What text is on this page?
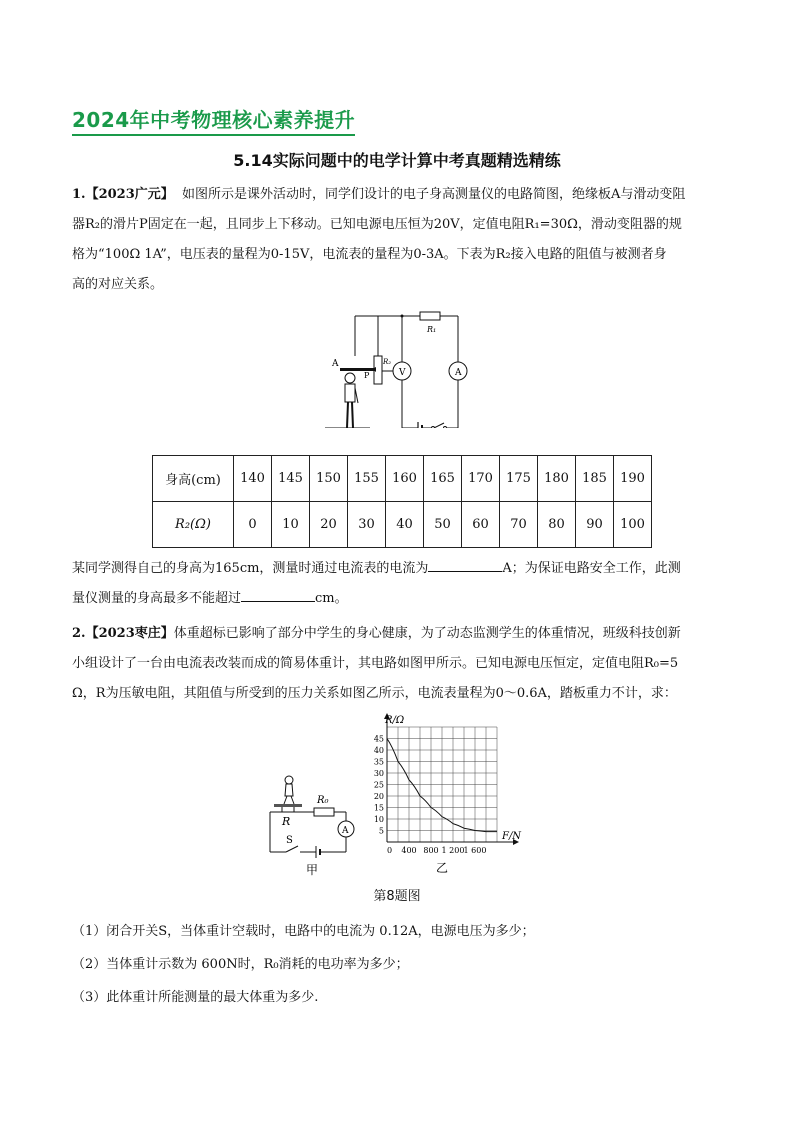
2024年中考物理核心素养提升
5.14实际问题中的电学计算中考真题精选精练
1.【2023广元】 如图所示是课外活动时，同学们设计的电子身高测量仪的电路简图，绝缘板A与滑动变阻
器R₂的滑片P固定在一起，且同步上下移动。已知电源电压恒为20V，定值电阻R₁=30Ω，滑动变阻器的规
格为“100Ω 1A”，电压表的量程为0-15V，电流表的量程为0-3A。下表为R₂接入电路的阻值与被测者身
高的对应关系。
R₁
R₂
V	A
A
P
身高(cm)	140	145	150	155	160	165	170	175	180	185	190
R₂(Ω)	0	10	20	30	40	50	60	70	80	90	100
某同学测得自己的身高为165cm，测量时通过电流表的电流为	A；为保证电路安全工作，此测
量仪测量的身高最多不能超过	cm。
2.【2023枣庄】体重超标已影响了部分中学生的身心健康，为了动态监测学生的体重情况，班级科技创新
小组设计了一台由电流表改装而成的简易体重计，其电路如图甲所示。已知电源电压恒定，定值电阻R₀=5
Ω，R为压敏电阻，其阻值与所受到的压力关系如图乙所示，电流表量程为0～0.6A，踏板重力不计，求：
R₀
A
R
S
甲
R/Ω
F/N
5
10
15
20
25
30
35
40
45
0 400 800 1 200 1 600
乙
第8题图
（1）闭合开关S，当体重计空载时，电路中的电流为 0.12A，电源电压为多少；
（2）当体重计示数为 600N时，R₀消耗的电功率为多少；
（3）此体重计所能测量的最大体重为多少.
